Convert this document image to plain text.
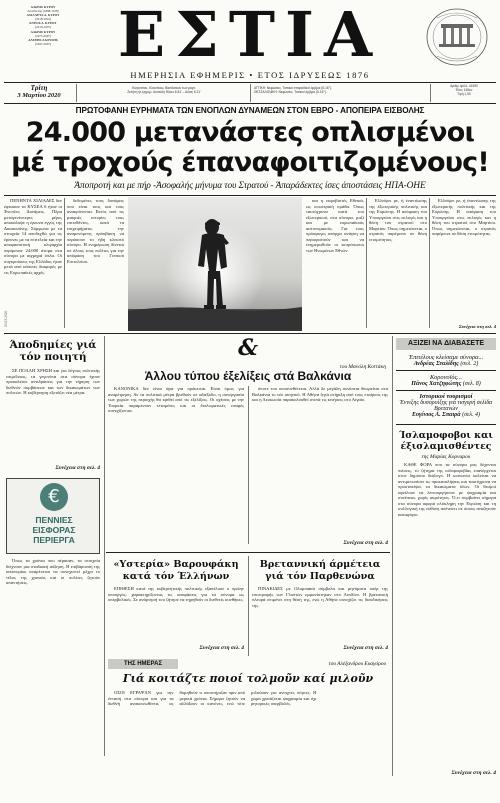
ΑΔΩΝΙΣ ΚΥΡΟΥ
Διευθυντής (1898-1918)
ΑΧΙΛΛΕΥΣ Α. ΚΥΡΟΥ
(1918-1919)
ΚΥΡΟΣ Α. ΚΥΡΟΥ
(1919-1975)
ΑΔΩΝΙΣ ΚΥΡΟΥ
(1975-2007)
ΑΛΕΞΗΣ ΖΑΟΥΣΗΣ
(1997-2007)	ΕΣΤΙΑ
ΗΜΕΡΗΣΙΑ ΕΦΗΜΕΡΙΣ • ΕΤΟΣ ΙΔΡΥΣΕΩΣ 1876
Τρίτη
3 Μαρτίου 2020
Ευτροπίου, Κλεονίκου, Βασιλίσκου των μαρτ.
Ζελήνη ήτ.έρχομ.: Ανατολή Ηλίου 6.54' – Δύσις 6.21'
ΑΤΤΙΚΗ: Νεφώσεις. Τοπικοί σποραδικοί όμβροι (6-16°).
ΘΕΣΣΑΛΟΝΙΚΗ: Νεφώσεις. Τοπικοί όμβροι (5-16°).
Αριθμ. φύλλ. 41590
Έτος 145ον
Τιμή 1,50
ΠΡΩΤΟΦΑΝΗ ΕΥΡΗΜΑΤΑ ΤΩΝ ΕΝΟΠΛΩΝ ΔΥΝΑΜΕΩΝ ΣΤΟΝ ΕΒΡΟ - ΑΠΟΠΕΙΡΑ ΕΙΣΒΟΛΗΣ
24.000 μετανάστες οπλισμένοι
μέ τροχούς έπαναφοιτιζομένους!
Άποπροτή και με πήρ -Άσοφαλής μήνυμα του Στρατού - Άπαράδεκτες ίσες άποστάσεις ΗΠΑ-ΟΗΕ

ΠΕΝΗΝΤΑ ΧΙΛΙΑΔΕΣ δεν έφτασαν τα ΚΥΣΕΑ 6 ήταν οι Ένοπλες Δυνάμεις. Πέρα μεταγενέστερες μέρες αποκάλυψε η έρευνα εγγύς της Δικαιοσύνης. Σύμφωνα με τα στοιχεία 14 αποδεχθώ για τις έρευνες με τα επιτελεία και την αποφασιστική ολιγαρχία περίμεναν 24.000 άτομα στα σύνορα με αιχμηρά όπλα. Οι συγκρούσεις της Ελλάδος ήταν μετά από κάποιες διαφορές με τις Ευρωπαϊκές αρχές.

δεδομένες τους δυνάμεις που είναι τους και τους ανακρίνονται. Εκτός από τις μακριές ιστορίες τους επιτεθέντες, κατά τα επιχειρήματα, την αναμενόμενη πρόσβαση να περάσουν το ήδη κλειστό σύνορο. Η ενημέρωση δίνεται σε όλους τους πολίτες για την απόφαση του Γενικού Επιτελείου.

και η εκφοβιστές Εθνικά, ως εσωτερική ομάδα. Όπως ταυτόχρονα κατά του εξωτερικού, στα σύνορα, μαζί και με ευρωπαϊκούς αστυνομικούς. Για τους πρόσφυγες υπάρχει ανάγκη να περιοριστούν και να ενημερωθούν οι εκπρόσωποι των Ηνωμένων Εθνών.

Ελλείψει ρε, ή έναντίωσης της έξωτερικής πολιτικής και της Ευρώπης. Η απόφαση του Υπουργείου στις εκλογές και η θέση του στρατού στο Μαρτίου. Όπως σημειώνεται, ο στρατός παρέμεινε σε θέση ετοιμότητας.

Ελλείψει ρε, ή έναντίωσης της έξωτερικής πολιτικής και της Ευρώπης. Η απόφαση του Υπουργείου στις εκλογές και η θέση του στρατού στο Μαρτίου. Όπως σημειώνεται, ο στρατός παρέμεινε σε θέση ετοιμότητας.

Συνέχεια στη σελ. 4
Άποδημίες γιά τόν ποιητή

ΣΕ ΠΟΛΛΗ ΧΡΗΣΗ και για λόγους πολιτικής επιμέλειας, τα γεγονότα στα σύνορα έχουν προκαλέσει αντιδράσεις για την τήρηση των διεθνών συμβάσεων και των δικαιωμάτων των πολιτών. Η κυβέρνηση εξετάζει νέα μέτρα.

Συνέχεια στη σελ. 4
€
ΠΕΝΝΙΕΣ ΕΙΣΦΟΡΑΣ ΠΕΡΙΕΡΓΑ

Όπως τα χρόνια που πέρασαν, τα στοιχεία δείχνουν μια σταδιακή αύξηση. Η επιβάρυνση της οικονομίας αναμένεται να συνεχιστεί μέχρι το τέλος της χρονιάς και οι πολίτες ζητούν απαντήσεις.

&
του Μανόλη Κοττάκη
Άλλου τύπου έξελίξεις στά Βαλκάνια

ΚΑΝΟΝΙΚΑ δεν είναι άρα για πρόκειται. Είναι όμως για αναμέτρηση. Αν τα πολιτικά μέτρα βρεθούν σε αδιέξοδο, η συνεργασία των χωρών της περιοχής θα κριθεί από τις εξελίξεις. Οι σχέσεις με την Τουρκία παραμένουν τεταμένες και οι διπλωματικές επαφές συνεχίζονται.

όποτε του υποσυνθέτεται. Αλλά δε μεγάλη συνέπεια θεωρείται στα Βαλκάνια το νέο σκηνικό. Η Αθήνα ζητά στήριξη από τους εταίρους της και η Λευκωσία παρακολουθεί στενά τις κινήσεις στο Αιγαίο.

Συνέχεια στη σελ. 4
«Υστερία» Βαρουφάκη κατά τόν Έλλήνων

ΕΠΙΘΕΣΗ κατά της κυβερνητικής πολιτικής εξαπέλυσε ο πρώην υπουργός, χαρακτηρίζοντας τις αποφάσεις για τα σύνορα ως υπερβολικές. Σε ανάρτησή του ζήτησε να τηρηθούν οι διεθνείς συνθήκες.

Συνέχεια στη σελ. 4
Βρεταννική άρμέτεια γιά τόν Παρθενώνα

ΠΙΝΑΚΙΔΕΣ με Ολυμπιακά σύμβολα και μηνύματα υπέρ της επιστροφής των Γλυπτών εμφανίστηκαν στο Λονδίνο. Η βρετανική πλευρά επιμένει στη θέση της, ενώ η Αθήνα συνεχίζει τις διεκδικήσεις της.

Συνέχεια στη σελ. 4
ΤΗΣ ΗΜΕΡΑΣ	του Αλέξανδρου Ευαγόρου
Γιά κοιτάζτε ποιοί τολμοῦν καί μιλοῦν

ΟΣΟΙ ΕΓΡΑΨΑΝ για την ένταση στα σύνορα και για τα διεθνή ανακοινωθέντα, ας θυμηθούν τι υποστήριζαν πριν από μερικά χρόνια. Σήμερα ζητούν να αλλάξουν οι κανόνες, ενώ τότε μιλούσαν για ανοιχτές πόρτες. Η χώρα χρειάζεται ψυχραιμία και όχι ρητορικές υπερβολές.

ΑΞΙΖΕΙ ΝΑ ΔΙΑΒΑΣΕΤΕ
Έπιτέλους κλείσαμε σύνορα...
Ανδρέας Σταλίδης (σελ. 2)
Κορονοϊός...
Πάνος Χατζηφώτης (σελ. 8)
Ιστορικοί τουρισμοί
Έννιξης δυσοροίξης γιά τισγυρή σελίδα Βρετανών
Ευγένιος Α. Σπαιρά (σελ. 4)
Ίσλαμοφοβοι και έξισλαμισθέντες
της Μαρίας Κορναρου

ΚΑΘΕ ΦΟΡΑ που τα σύνορα μας δέχονται πιέσεις, το ζήτημα της ισλαμοφοβίας επανέρχεται στον δημόσιο διάλογο. Η κοινωνία καλείται να αντιμετωπίσει τις προκαταλήψεις και ταυτόχρονα να προστατέψει τα δικαιώματα όλων. Οι θεσμοί οφείλουν να λειτουργήσουν με ψυχραιμία και συνέπεια, χωρίς ακρότητες. Ό,τι συμβαίνει σήμερα στα σύνορα αφορά ολόκληρη την Ευρώπη και τη συλλογική της ευθύνη απέναντι σε όσους αναζητούν καταφύγιο.

Συνέχεια στη σελ. 4
03-03-2020
